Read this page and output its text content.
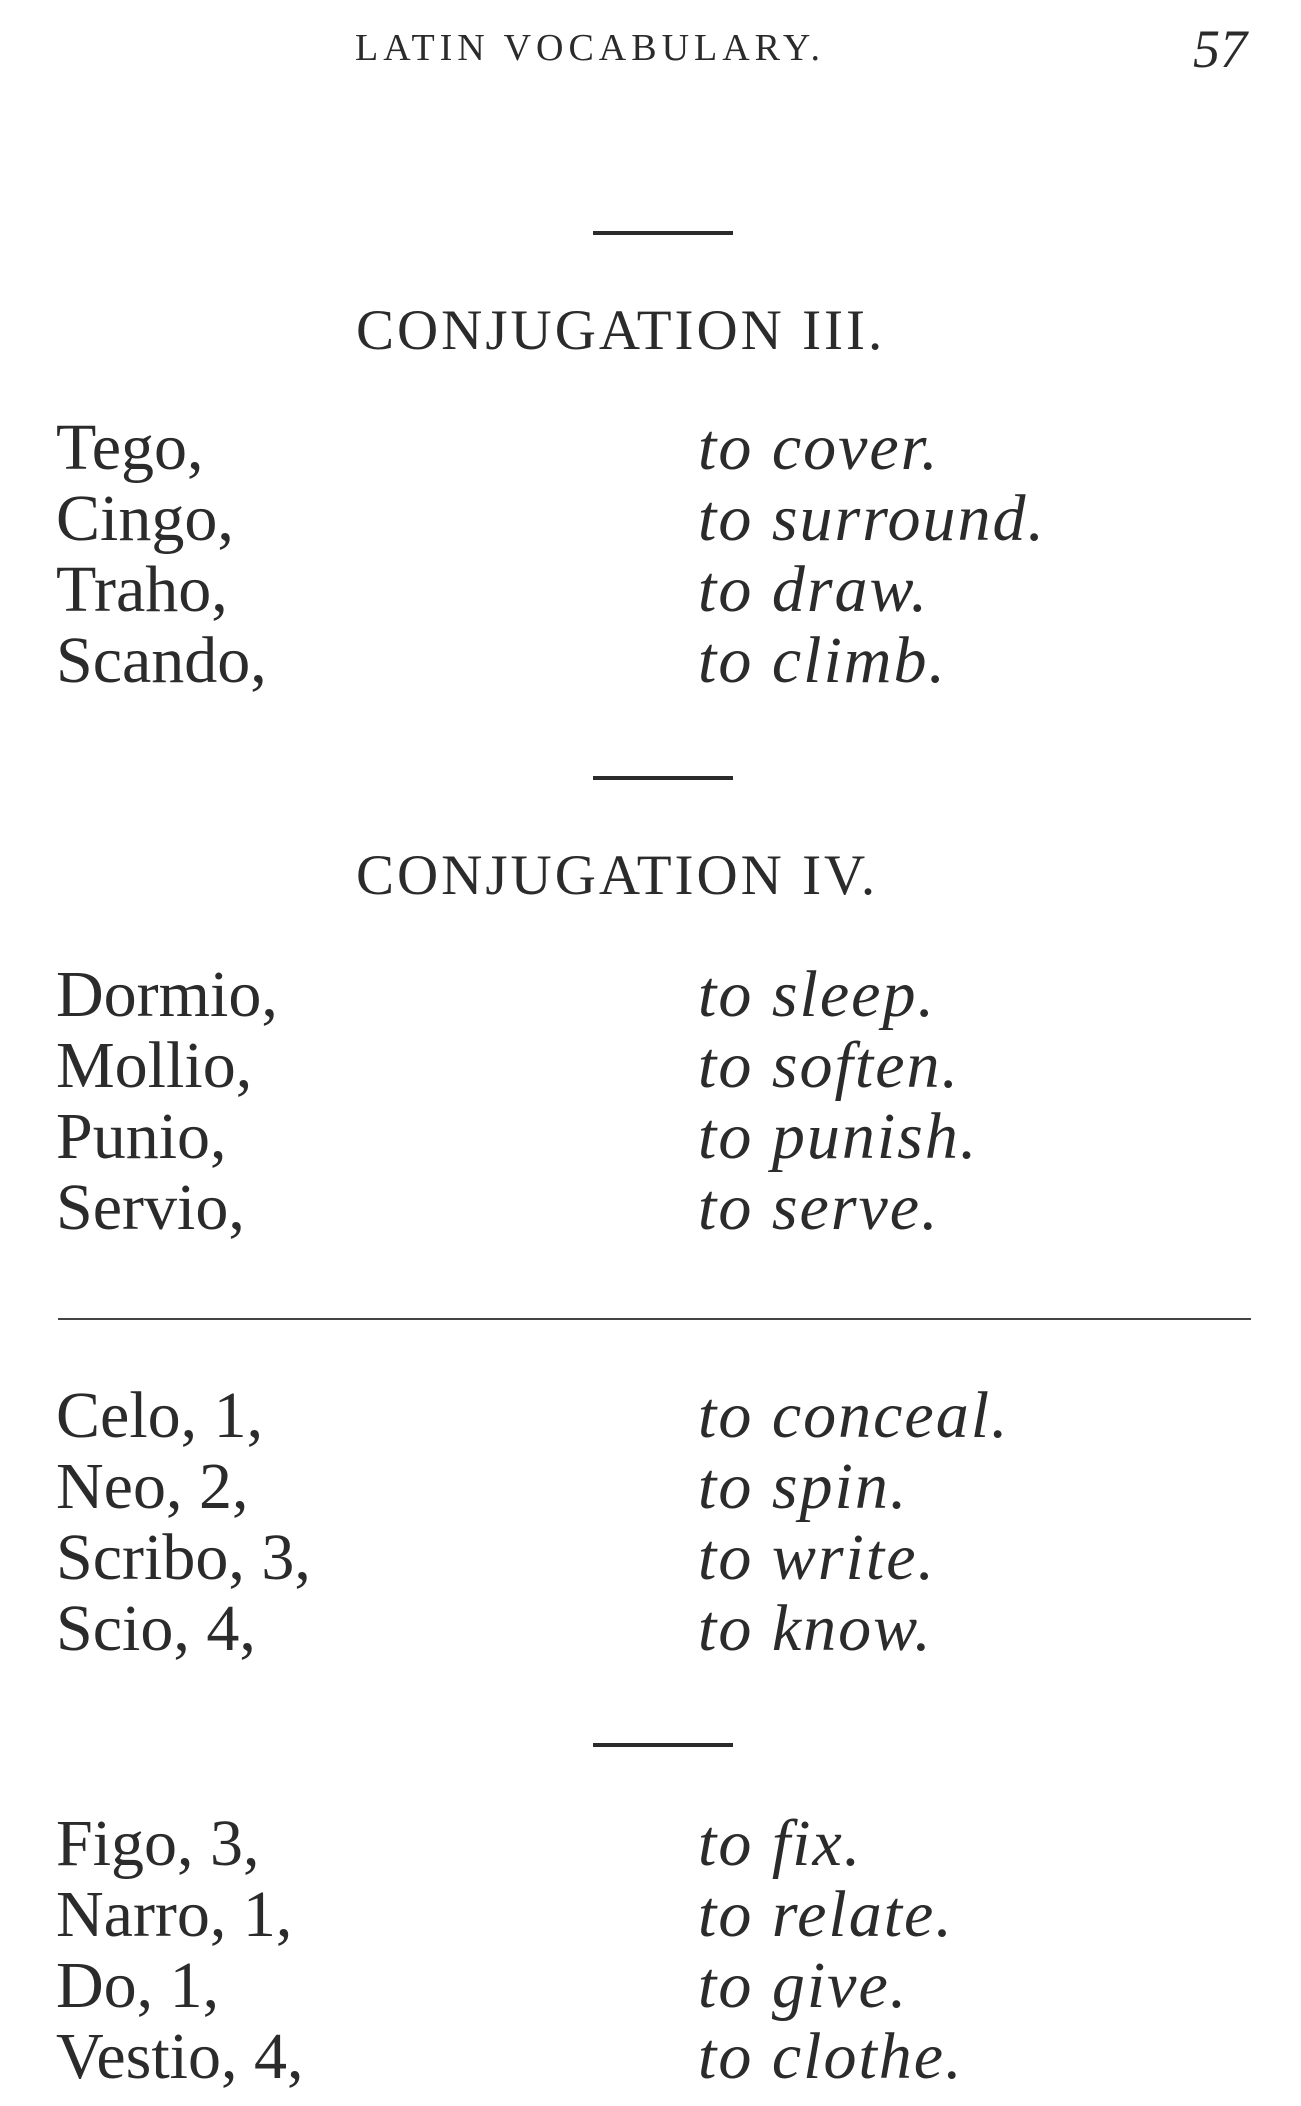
LATIN VOCABULARY.	57
CONJUGATION III.
Tego,	to cover.
Cingo,	to surround.
Traho,	to draw.
Scando,	to climb.
CONJUGATION IV.
Dormio,	to sleep.
Mollio,	to soften.
Punio,	to punish.
Servio,	to serve.
Celo, 1,	to conceal.
Neo, 2,	to spin.
Scribo, 3,	to write.
Scio, 4,	to know.
Figo, 3,	to fix.
Narro, 1,	to relate.
Do, 1,	to give.
Vestio, 4,	to clothe.
